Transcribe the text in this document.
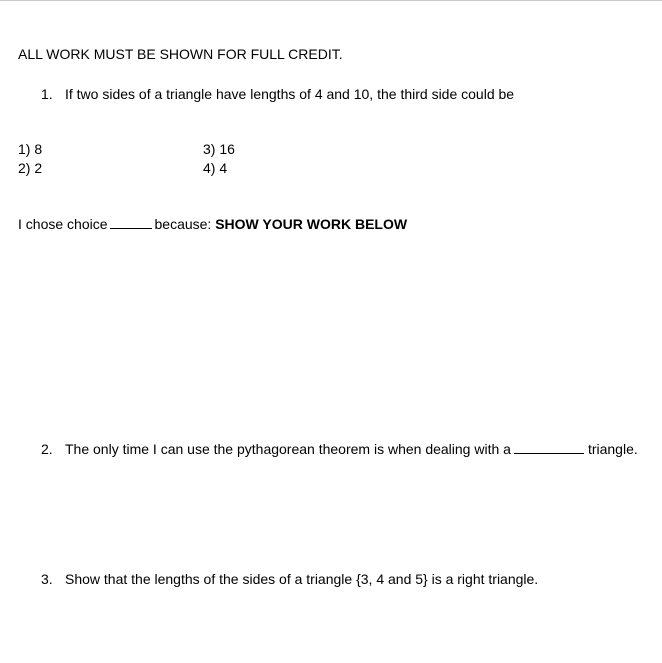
ALL WORK MUST BE SHOWN FOR FULL CREDIT.
1. If two sides of a triangle have lengths of 4 and 10, the third side could be
1) 8
2) 2
3) 16
4) 4
I chose choice	because: SHOW YOUR WORK BELOW
2. The only time I can use the pythagorean theorem is when dealing with a	triangle.
3. Show that the lengths of the sides of a triangle {3, 4 and 5} is a right triangle.
